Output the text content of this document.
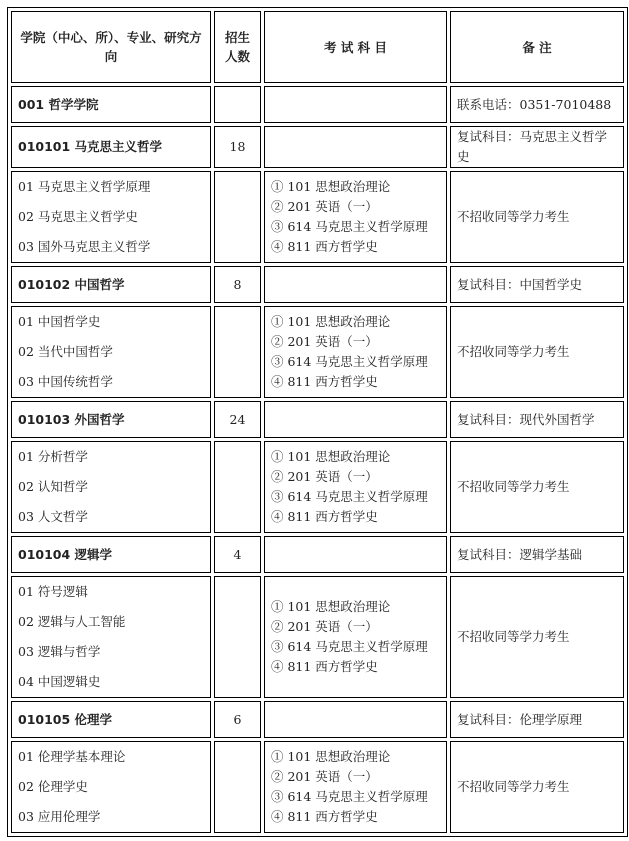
学院（中心、所）、专业、研究方向	招生人数	考 试 科 目	备 注
001 哲学学院			联系电话：0351-7010488
010101 马克思主义哲学	18		复试科目：马克思主义哲学史

01 马克思主义哲学原理
02 马克思主义哲学史
03 国外马克思主义哲学		① 101 思想政治理论
② 201 英语（一）
③ 614 马克思主义哲学原理
④ 811 西方哲学史	不招收同等学力考生
010102 中国哲学	8		复试科目：中国哲学史

01 中国哲学史
02 当代中国哲学
03 中国传统哲学		① 101 思想政治理论
② 201 英语（一）
③ 614 马克思主义哲学原理
④ 811 西方哲学史	不招收同等学力考生
010103 外国哲学	24		复试科目：现代外国哲学

01 分析哲学
02 认知哲学
03 人文哲学		① 101 思想政治理论
② 201 英语（一）
③ 614 马克思主义哲学原理
④ 811 西方哲学史	不招收同等学力考生
010104 逻辑学	4		复试科目：逻辑学基础

01 符号逻辑
02 逻辑与人工智能
03 逻辑与哲学
04 中国逻辑史		① 101 思想政治理论
② 201 英语（一）
③ 614 马克思主义哲学原理
④ 811 西方哲学史	不招收同等学力考生
010105 伦理学	6		复试科目：伦理学原理

01 伦理学基本理论
02 伦理学史
03 应用伦理学		① 101 思想政治理论
② 201 英语（一）
③ 614 马克思主义哲学原理
④ 811 西方哲学史	不招收同等学力考生
